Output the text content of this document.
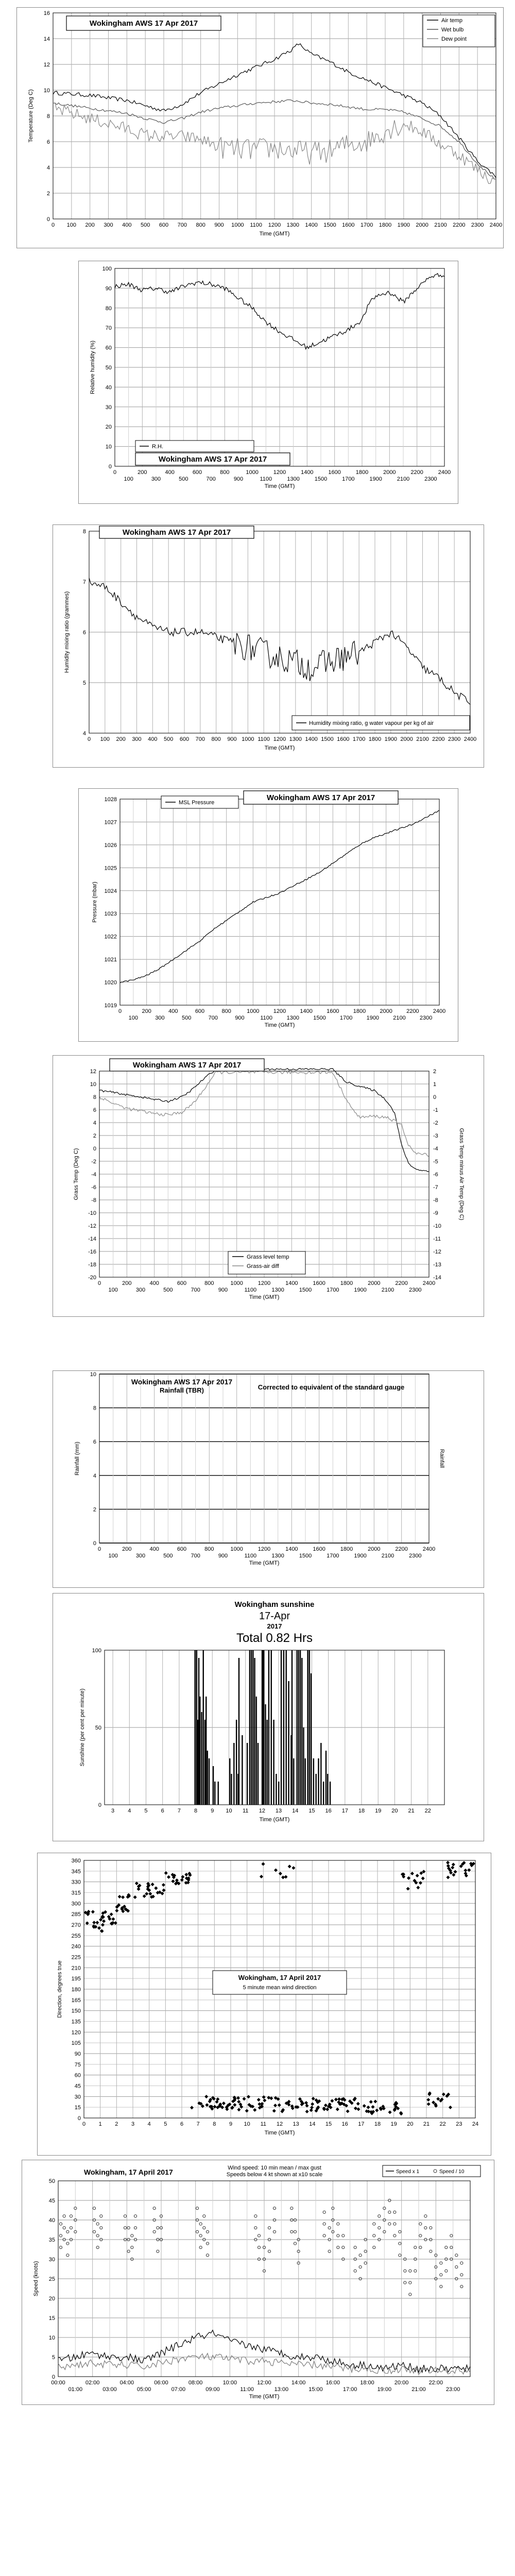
0
2
4
6
8
10
12
14
16
0 100 200 300 400 500 600 700 800 900 1000 1100 1200 1300 1400 1500 1600 1700 1800 1900 2000 2100 2200 2300 2400
Time (GMT)
Temperature (Deg C)
Wokingham AWS 17 Apr 2017	Air temp
Wet bulb
Dew point
0
10
20
30
40
50
60
70
80
90
100
0	200	400	600	800	1000	1200	1400	1600	1800	2000	2200	2400
100	300	500	700	900	1100	1300	1500	1700	1900	2100	2300
Time (GMT)
Relative humidity (%)
R.H.
Wokingham AWS 17 Apr 2017
4
5
6
7
8
0 100 200 300 400 500 600 700 800 900 1000 1100 1200 1300 1400 1500 1600 1700 1800 1900 2000 2100 2200 2300 2400
Time (GMT)
Humidity mixing ratio (grammes)
Wokingham AWS 17 Apr 2017
Humidity mixing ratio, g water vapour per kg of air
1019
1020
1021
1022
1023
1024
1025
1026
1027
1028
0	200	400	600	800	1000 1200 1400 1600 1800 2000 2200 2400
100	300	500	700	900	1100	1300 1500 1700 1900 2100 2300
Time (GMT)
Pressure (mbar)
MSL Pressure
Wokingham AWS 17 Apr 2017
-20
-18
-16
-14
-12
-10
-8
-6
-4
-2
0
2
4
6
8
10
12
0	200	400	600	800	1000	1200	1400	1600	1800	2000	2200	2400
100	300	500	700	900	1100	1300	1500	1700	1900	2100	2300
Time (GMT)
Grass Temp (Deg C)
-14
-13
-12
-11
-10
-9
-8
-7
-6
-5
-4
-3
-2
-1
0
1
2
Grass Temp minus Air Temp (Deg C)
Wokingham AWS 17 Apr 2017
Grass level temp
Grass-air diff
0
2
4
6
8
10
0	200	400	600	800	1000	1200	1400	1600	1800	2000	2200	2400
100	300	500	700	900	1100	1300	1500	1700	1900	2100	2300
Time (GMT)
Rainfall (mm)	Rainfall
Wokingham AWS 17 Apr 2017
Rainfall (TBR)	Corrected to equivalent of the standard gauge
0
50
100
3 4 5 6 7 8 9 10 11 12 13 14 15 16 17 18 19 20 21 22
Time (GMT)
Sunshine (per cent per minute)
Wokingham sunshine
17-Apr
2017
Total 0.82 Hrs
0
15
30
45
60
75
90
105
120
135
150
165
180
195
210
225
240
255
270
285
300
315
330
345
360
0 1 2 3 4 5 6 7 8 9 10 11 12 13 14 15 16 17 18 19 20 21 22 23 24
Time (GMT)
Direction, degrees true	Wokingham, 17 April 2017
5 minute mean wind direction
0
5
10
15
20
25
30
35
40
45
50
00:00	02:00	04:00	06:00	08:00	10:00	12:00	14:00	16:00	18:00	20:00	22:00
01:00	03:00	05:00	07:00	09:00	11:00	13:00	15:00	17:00	19:00	21:00	23:00
Time (GMT)
Speed (knots)
Wokingham, 17 April 2017	Wind speed: 10 min mean / max gust
Speeds below 4 kt shown at x10 scale	Speed x 1	Speed / 10
